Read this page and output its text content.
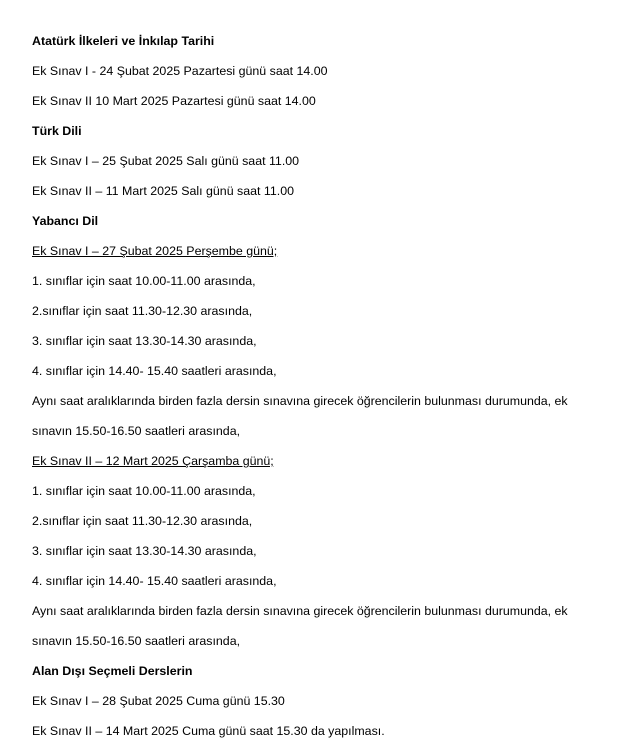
Atatürk İlkeleri ve İnkılap Tarihi
Ek Sınav I - 24 Şubat 2025 Pazartesi günü saat 14.00
Ek Sınav II 10 Mart 2025 Pazartesi günü saat 14.00
Türk Dili
Ek Sınav I – 25 Şubat 2025 Salı günü saat 11.00
Ek Sınav II – 11 Mart 2025 Salı günü saat 11.00
Yabancı Dil
Ek Sınav I – 27 Şubat 2025 Perşembe günü;
1. sınıflar için saat 10.00-11.00 arasında,
2.sınıflar için saat 11.30-12.30 arasında,
3. sınıflar için saat 13.30-14.30 arasında,
4. sınıflar için 14.40- 15.40 saatleri arasında,
Aynı saat aralıklarında birden fazla dersin sınavına girecek öğrencilerin bulunması durumunda, ek
sınavın 15.50-16.50 saatleri arasında,
Ek Sınav II – 12 Mart 2025 Çarşamba günü;
1. sınıflar için saat 10.00-11.00 arasında,
2.sınıflar için saat 11.30-12.30 arasında,
3. sınıflar için saat 13.30-14.30 arasında,
4. sınıflar için 14.40- 15.40 saatleri arasında,
Aynı saat aralıklarında birden fazla dersin sınavına girecek öğrencilerin bulunması durumunda, ek
sınavın 15.50-16.50 saatleri arasında,
Alan Dışı Seçmeli Derslerin
Ek Sınav I – 28 Şubat 2025 Cuma günü 15.30
Ek Sınav II – 14 Mart 2025 Cuma günü saat 15.30 da yapılması.
